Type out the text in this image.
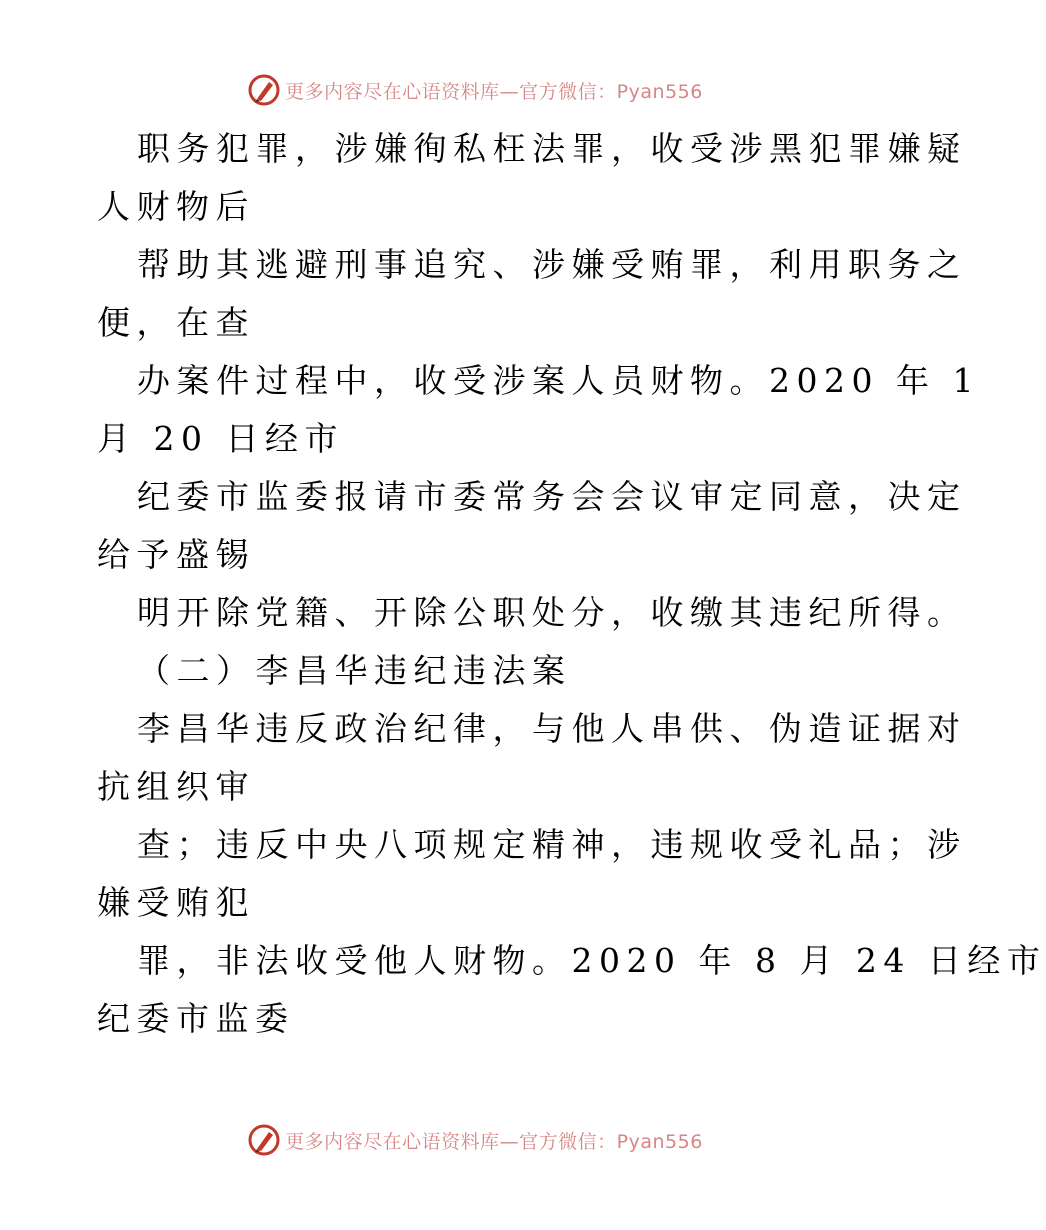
更多内容尽在心语资料库—官方微信：Pyan556
职务犯罪，涉嫌徇私枉法罪，收受涉黑犯罪嫌疑
人财物后
帮助其逃避刑事追究、涉嫌受贿罪，利用职务之
便，在查
办案件过程中，收受涉案人员财物。2020 年 1
月 20 日经市
纪委市监委报请市委常务会会议审定同意，决定
给予盛锡
明开除党籍、开除公职处分，收缴其违纪所得。
（二）李昌华违纪违法案
李昌华违反政治纪律，与他人串供、伪造证据对
抗组织审
查；违反中央八项规定精神，违规收受礼品；涉
嫌受贿犯
罪，非法收受他人财物。2020 年 8 月 24 日经市
纪委市监委
更多内容尽在心语资料库—官方微信：Pyan556
